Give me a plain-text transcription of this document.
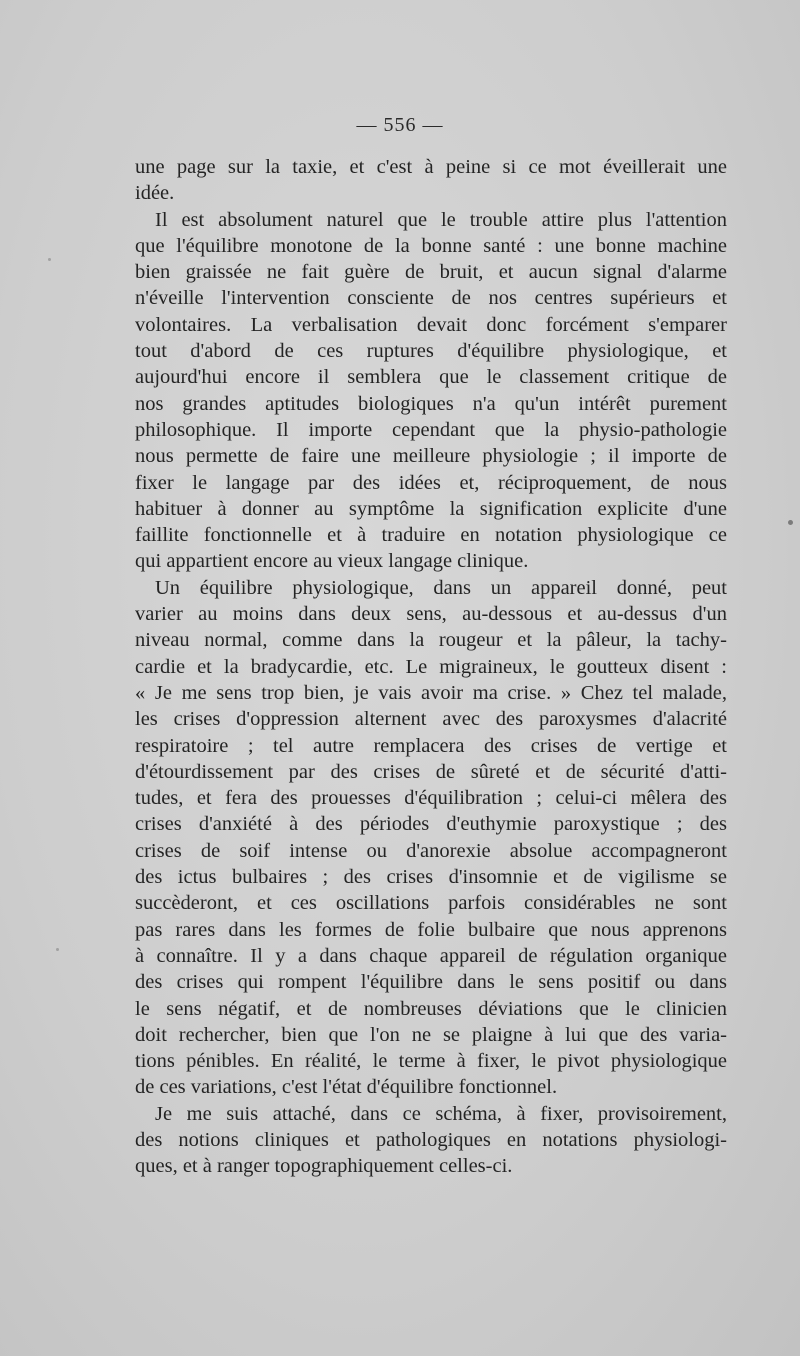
— 556 —

une page sur la taxie, et c'est à peine si ce mot éveillerait une
idée.

Il est absolument naturel que le trouble attire plus l'attention
que l'équilibre monotone de la bonne santé : une bonne machine
bien graissée ne fait guère de bruit, et aucun signal d'alarme
n'éveille l'intervention consciente de nos centres supérieurs et
volontaires. La verbalisation devait donc forcément s'emparer
tout d'abord de ces ruptures d'équilibre physiologique, et
aujourd'hui encore il semblera que le classement critique de
nos grandes aptitudes biologiques n'a qu'un intérêt purement
philosophique. Il importe cependant que la physio-pathologie
nous permette de faire une meilleure physiologie ; il importe de
fixer le langage par des idées et, réciproquement, de nous
habituer à donner au symptôme la signification explicite d'une
faillite fonctionnelle et à traduire en notation physiologique ce
qui appartient encore au vieux langage clinique.

Un équilibre physiologique, dans un appareil donné, peut
varier au moins dans deux sens, au-dessous et au-dessus d'un
niveau normal, comme dans la rougeur et la pâleur, la tachy-
cardie et la bradycardie, etc. Le migraineux, le goutteux disent :
« Je me sens trop bien, je vais avoir ma crise. » Chez tel malade,
les crises d'oppression alternent avec des paroxysmes d'alacrité
respiratoire ; tel autre remplacera des crises de vertige et
d'étourdissement par des crises de sûreté et de sécurité d'atti-
tudes, et fera des prouesses d'équilibration ; celui-ci mêlera des
crises d'anxiété à des périodes d'euthymie paroxystique ; des
crises de soif intense ou d'anorexie absolue accompagneront
des ictus bulbaires ; des crises d'insomnie et de vigilisme se
succèderont, et ces oscillations parfois considérables ne sont
pas rares dans les formes de folie bulbaire que nous apprenons
à connaître. Il y a dans chaque appareil de régulation organique
des crises qui rompent l'équilibre dans le sens positif ou dans
le sens négatif, et de nombreuses déviations que le clinicien
doit rechercher, bien que l'on ne se plaigne à lui que des varia-
tions pénibles. En réalité, le terme à fixer, le pivot physiologique
de ces variations, c'est l'état d'équilibre fonctionnel.

Je me suis attaché, dans ce schéma, à fixer, provisoirement,
des notions cliniques et pathologiques en notations physiologi-
ques, et à ranger topographiquement celles-ci.
